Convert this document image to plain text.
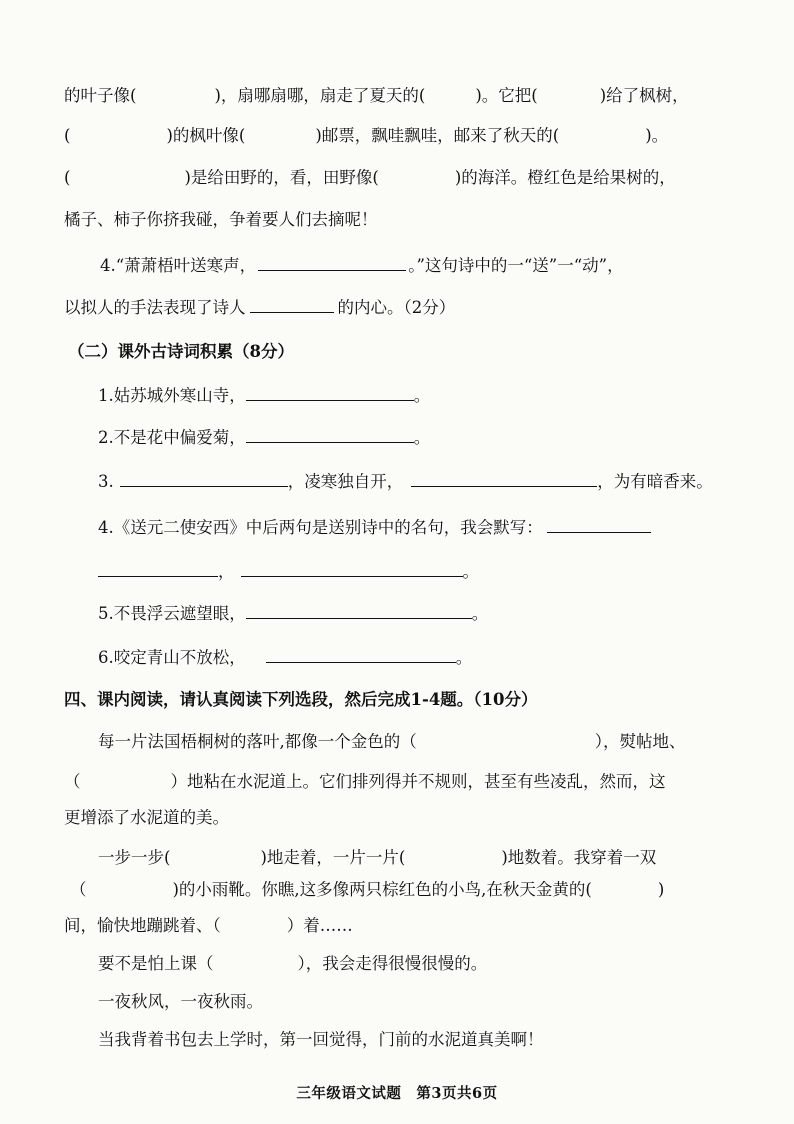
的叶子像(	)，扇哪扇哪，扇走了夏天的(	)。它把(	)给了枫树，
(	)的枫叶像(	)邮票，飘哇飘哇，邮来了秋天的(	)。
(	)是给田野的，看，田野像(	)的海洋。橙红色是给果树的，
橘子、柿子你挤我碰，争着要人们去摘呢！
4.“萧萧梧叶送寒声，	。”这句诗中的一“送”一“动”，
以拟人的手法表现了诗人	的内心。（2分）
（二）课外古诗词积累（8分）
1.姑苏城外寒山寺，	。
2.不是花中偏爱菊，	。
3.	，凌寒独自开，	，为有暗香来。
4.《送元二使安西》中后两句是送别诗中的名句，我会默写：
，	。
5.不畏浮云遮望眼，	。
6.咬定青山不放松，	。
四、课内阅读，请认真阅读下列选段，然后完成1-4题。（10分）
每一片法国梧桐树的落叶,都像一个金色的（	），熨帖地、
（	）地粘在水泥道上。它们排列得并不规则，甚至有些凌乱，然而，这
更增添了水泥道的美。
一步一步(	)地走着，一片一片(	)地数着。我穿着一双
（	)的小雨靴。你瞧,这多像两只棕红色的小鸟,在秋天金黄的(	)
间，愉快地蹦跳着、（	）着……
要不是怕上课（	），我会走得很慢很慢的。
一夜秋风，一夜秋雨。
当我背着书包去上学时，第一回觉得，门前的水泥道真美啊！
三年级语文试题　第3页共6页
